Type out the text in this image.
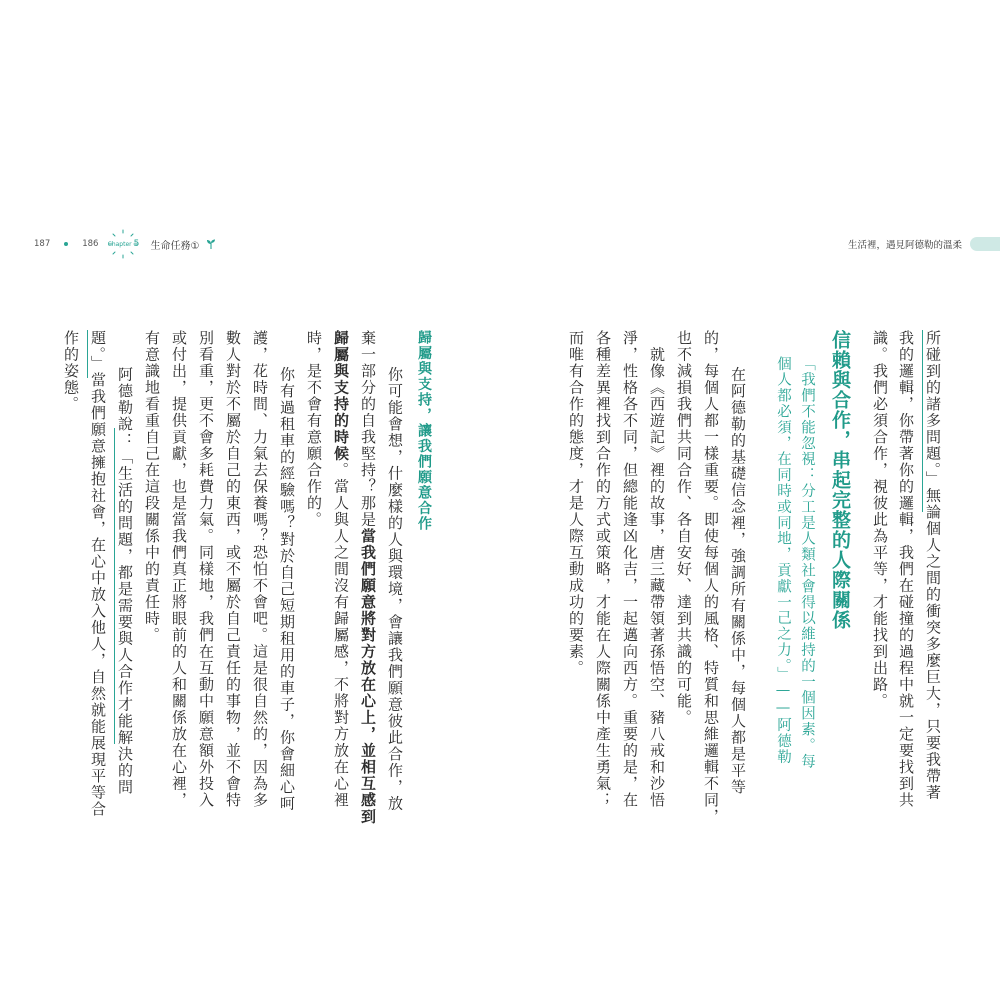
187	186 Chapter 5 生命任務①	生活裡，遇見阿德勒的溫柔
所碰到的諸多問題。」無論個人之間的衝突多麼巨大，只要我帶著
我的邏輯，你帶著你的邏輯，我們在碰撞的過程中就一定要找到共
識。我們必須合作，視彼此為平等，才能找到出路。
信賴與合作，串起完整的人際關係
「我們不能忽視：分工是人類社會得以維持的一個因素。每
個人都必須，在同時或同地，貢獻一己之力。」——阿德勒
　在阿德勒的基礎信念裡，強調所有關係中，每個人都是平等
的，每個人都一樣重要。即使每個人的風格、特質和思維邏輯不同，
也不減損我們共同合作、各自安好、達到共識的可能。
　就像《西遊記》裡的故事，唐三藏帶領著孫悟空、豬八戒和沙悟
淨，性格各不同，但總能逢凶化吉，一起邁向西方。重要的是，在
各種差異裡找到合作的方式或策略，才能在人際關係中產生勇氣；
而唯有合作的態度，才是人際互動成功的要素。
歸屬與支持，讓我們願意合作
　你可能會想，什麼樣的人與環境，會讓我們願意彼此合作，放
棄一部分的自我堅持？那是當我們願意將對方放在心上，並相互感到
歸屬與支持的時候。當人與人之間沒有歸屬感，不將對方放在心裡
時，是不會有意願合作的。
　你有過租車的經驗嗎？對於自己短期租用的車子，你會細心呵
護，花時間、力氣去保養嗎？恐怕不會吧。這是很自然的，因為多
數人對於不屬於自己的東西，或不屬於自己責任的事物，並不會特
別看重，更不會多耗費力氣。同樣地，我們在互動中願意額外投入
或付出，提供貢獻，也是當我們真正將眼前的人和關係放在心裡，
有意識地看重自己在這段關係中的責任時。
　阿德勒說：「生活的問題，都是需要與人合作才能解決的問
題。」當我們願意擁抱社會，在心中放入他人，自然就能展現平等合
作的姿態。
